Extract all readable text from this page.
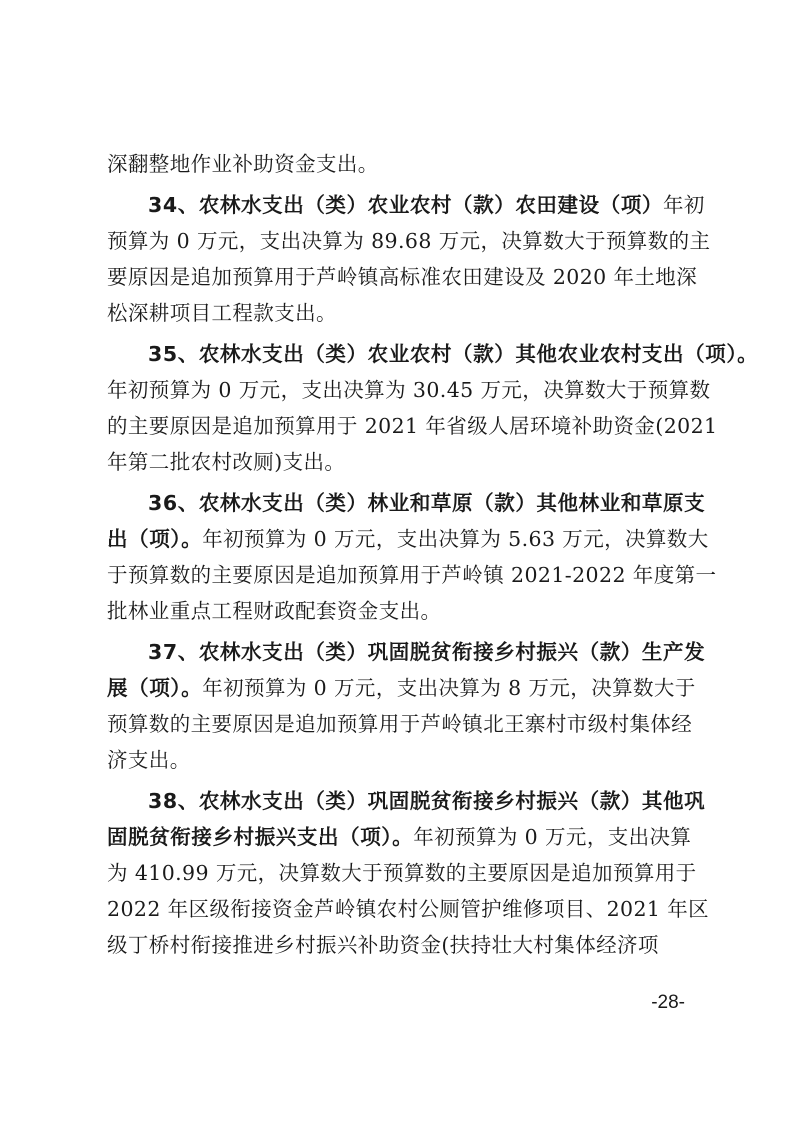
深翻整地作业补助资金支出。
34、农林水支出（类）农业农村（款）农田建设（项）年初
预算为 0 万元，支出决算为 89.68 万元，决算数大于预算数的主
要原因是追加预算用于芦岭镇高标准农田建设及 2020 年土地深
松深耕项目工程款支出。
35、农林水支出（类）农业农村（款）其他农业农村支出（项）。
年初预算为 0 万元，支出决算为 30.45 万元，决算数大于预算数
的主要原因是追加预算用于 2021 年省级人居环境补助资金(2021
年第二批农村改厕)支出。
36、农林水支出（类）林业和草原（款）其他林业和草原支
出（项）。年初预算为 0 万元，支出决算为 5.63 万元，决算数大
于预算数的主要原因是追加预算用于芦岭镇 2021-2022 年度第一
批林业重点工程财政配套资金支出。
37、农林水支出（类）巩固脱贫衔接乡村振兴（款）生产发
展（项）。年初预算为 0 万元，支出决算为 8 万元，决算数大于
预算数的主要原因是追加预算用于芦岭镇北王寨村市级村集体经
济支出。
38、农林水支出（类）巩固脱贫衔接乡村振兴（款）其他巩
固脱贫衔接乡村振兴支出（项）。年初预算为 0 万元，支出决算
为 410.99 万元，决算数大于预算数的主要原因是追加预算用于
2022 年区级衔接资金芦岭镇农村公厕管护维修项目、2021 年区
级丁桥村衔接推进乡村振兴补助资金(扶持壮大村集体经济项
-28-
